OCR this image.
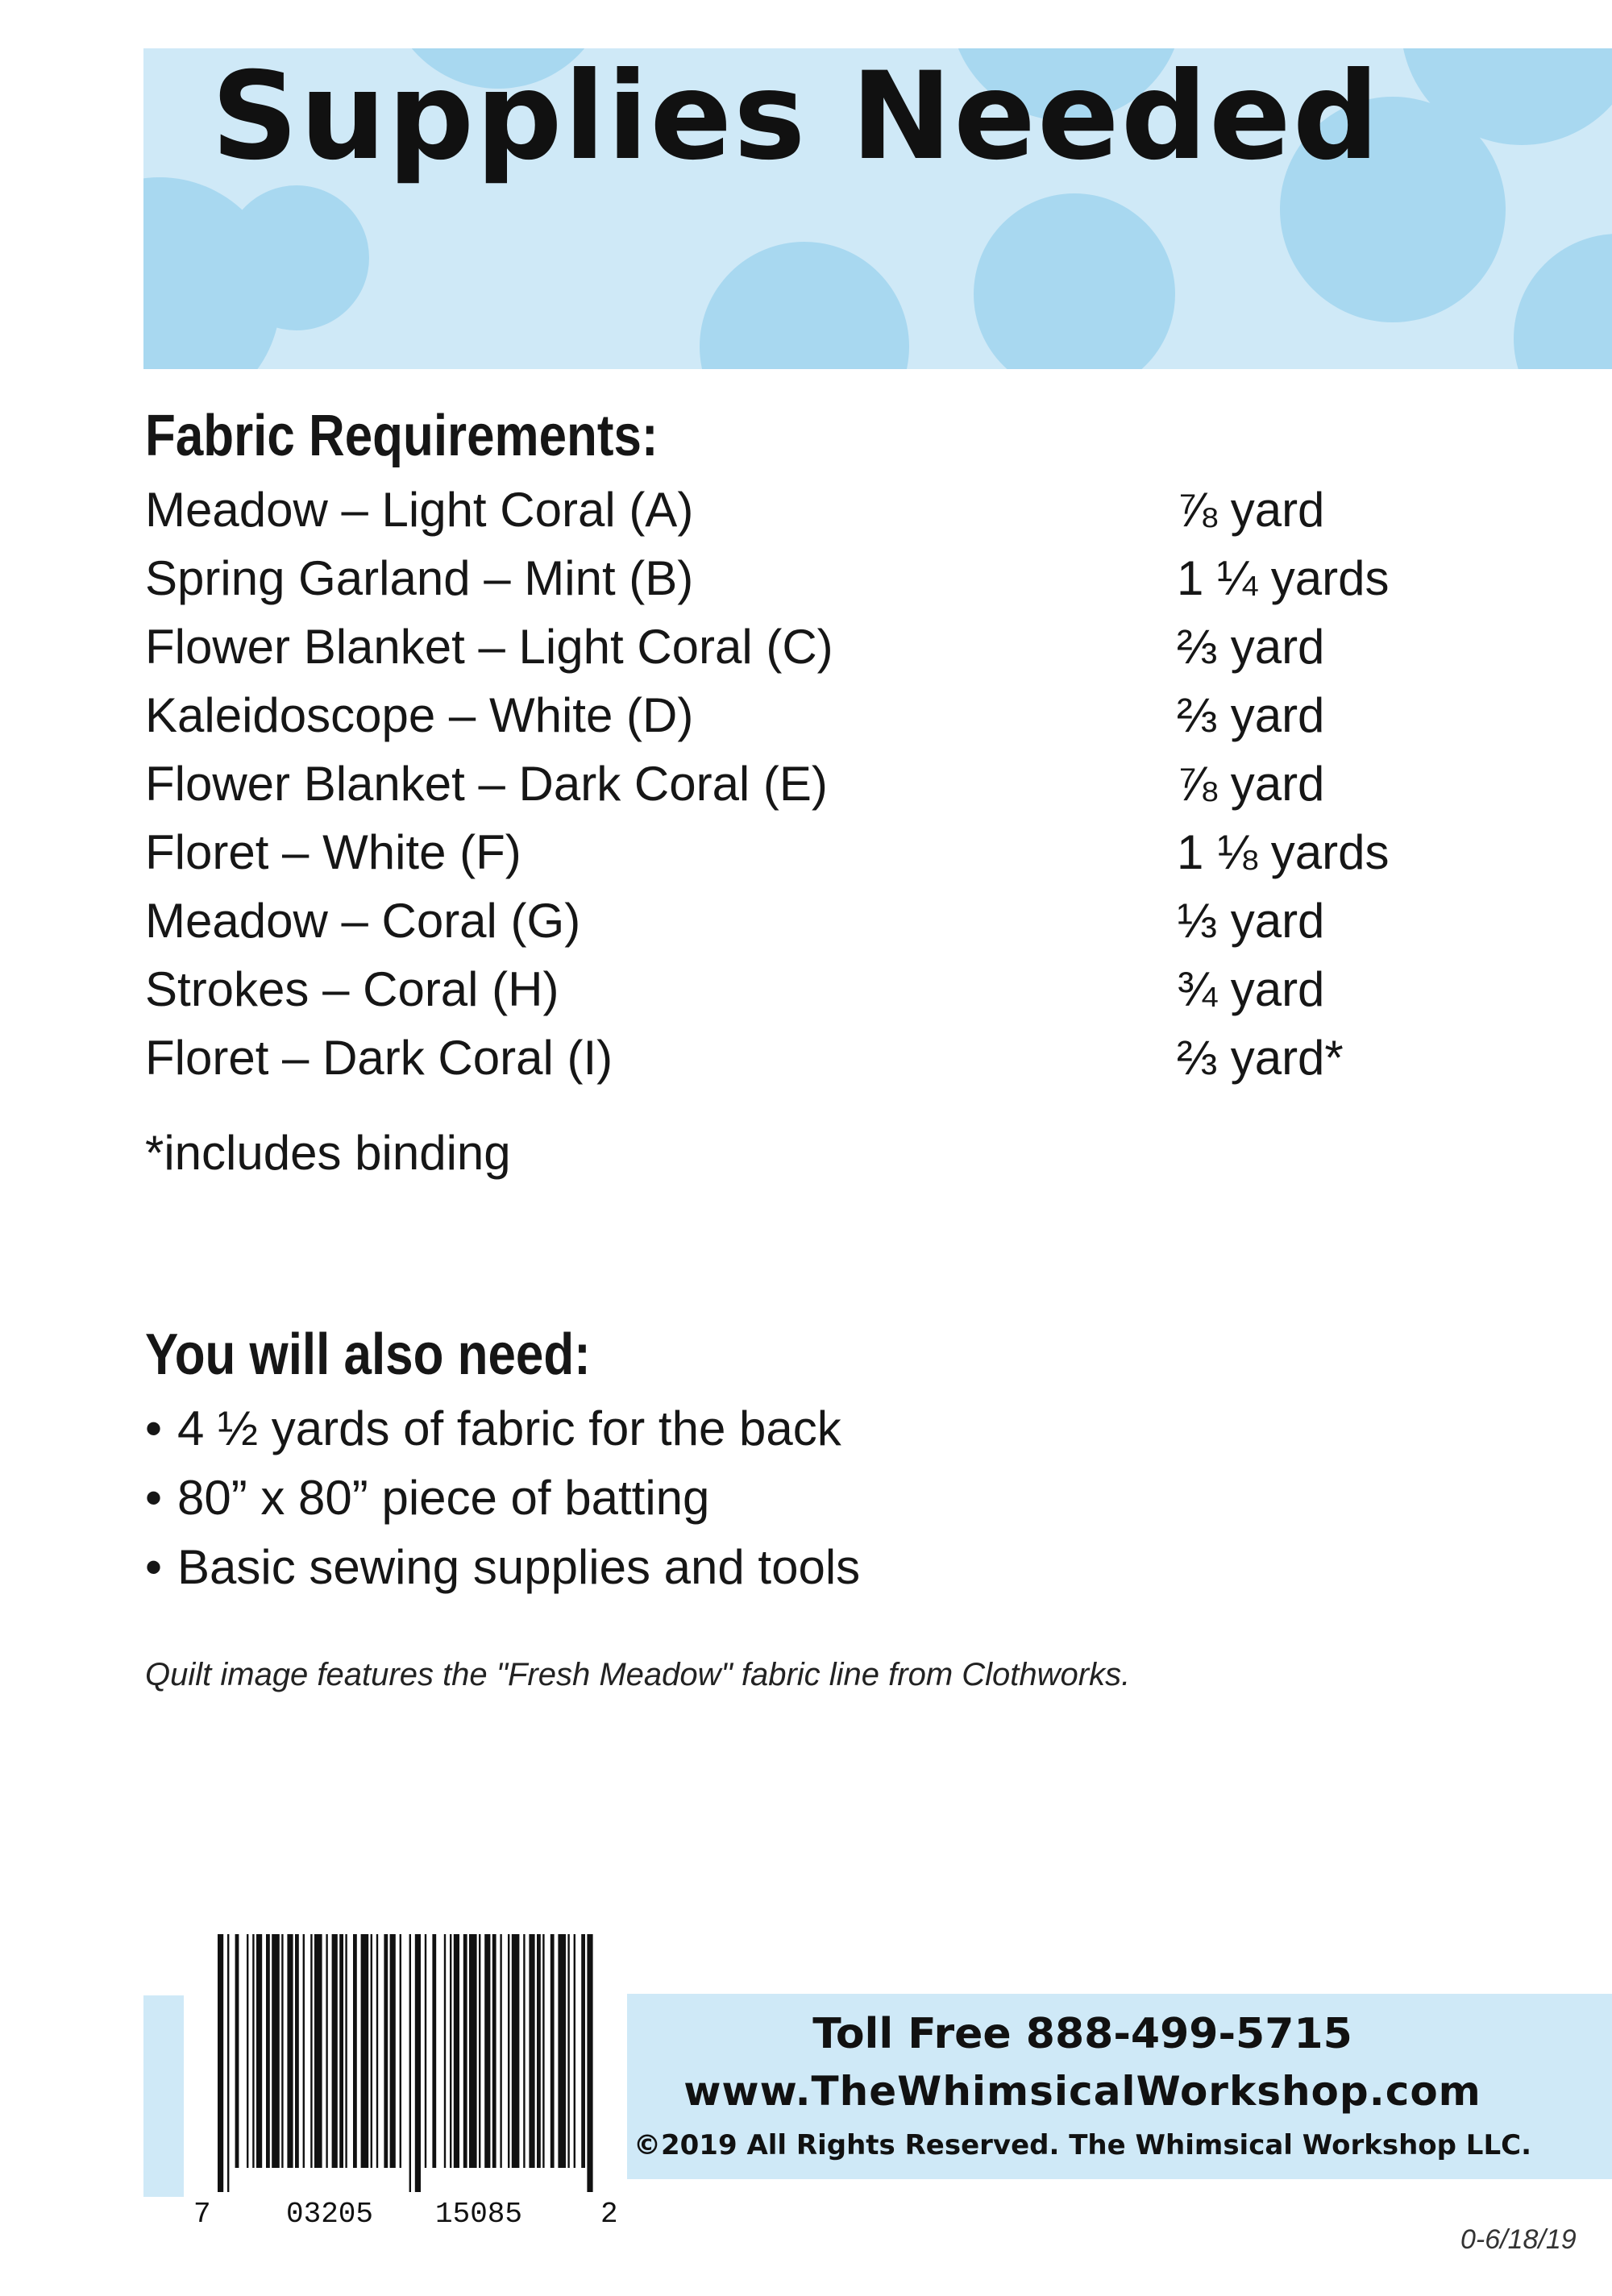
Supplies Needed
Fabric Requirements:
Meadow – Light Coral (A)	⅞ yard
Spring Garland – Mint (B)	1 ¼ yards
Flower Blanket – Light Coral (C)	⅔ yard
Kaleidoscope – White (D)	⅔ yard
Flower Blanket – Dark Coral (E)	⅞ yard
Floret – White (F)	1 ⅛ yards
Meadow – Coral (G)	⅓ yard
Strokes – Coral (H)	¾ yard
Floret – Dark Coral (I)	⅔ yard*

*includes binding

You will also need:
• 4 ½ yards of fabric for the back
• 80” x 80” piece of batting
• Basic sewing supplies and tools

Quilt image features the "Fresh Meadow" fabric line from Clothworks.

7	03205 15085	2

Toll Free 888-499-5715

www.TheWhimsicalWorkshop.com

©2019 All Rights Reserved. The Whimsical Workshop LLC.

0-6/18/19
